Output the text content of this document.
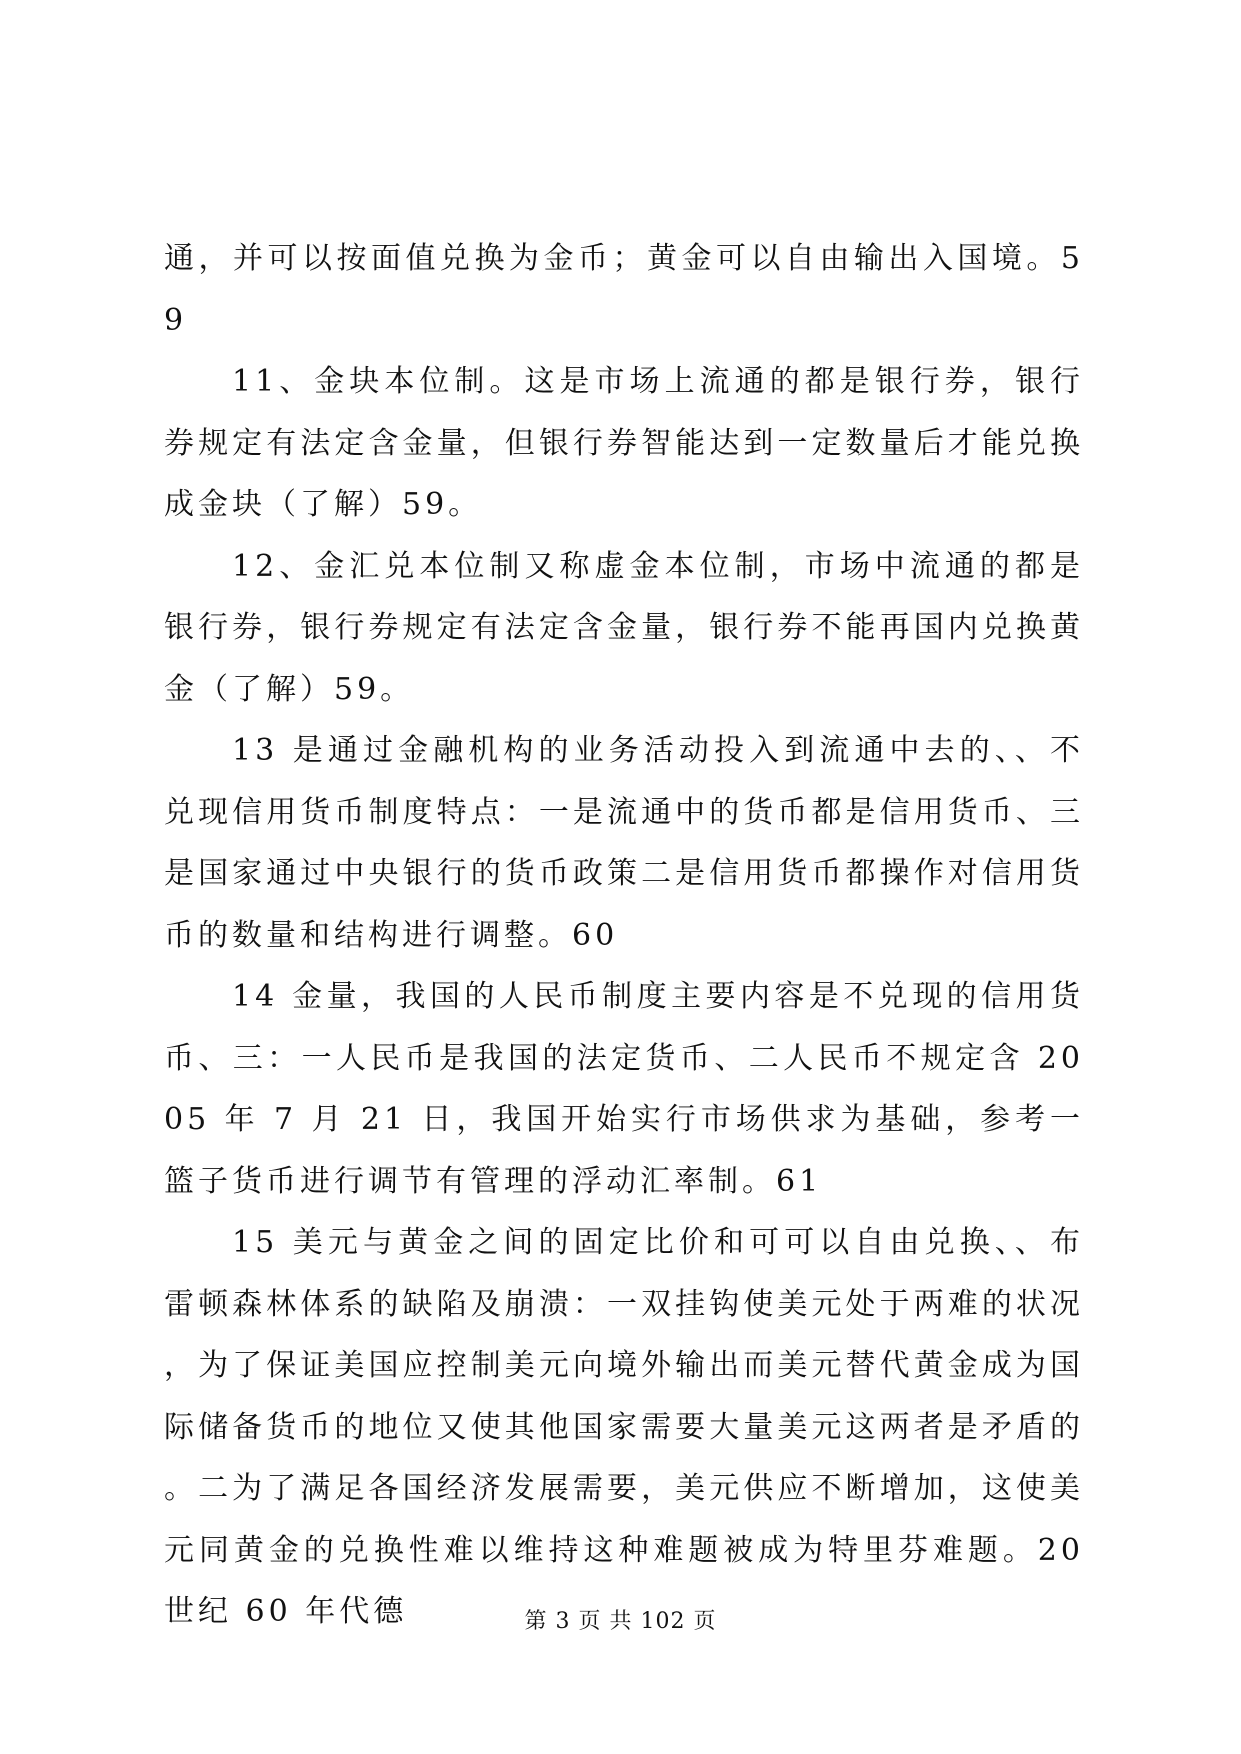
通，并可以按面值兑换为金币；黄金可以自由输出入国境。59

11、金块本位制。这是市场上流通的都是银行券，银行券规定有法定含金量，但银行券智能达到一定数量后才能兑换成金块（了解）59。

12、金汇兑本位制又称虚金本位制，市场中流通的都是银行券，银行券规定有法定含金量，银行券不能再国内兑换黄金（了解）59。

13 是通过金融机构的业务活动投入到流通中去的、、不兑现信用货币制度特点：一是流通中的货币都是信用货币、三是国家通过中央银行的货币政策二是信用货币都操作对信用货币的数量和结构进行调整。60

14 金量，我国的人民币制度主要内容是不兑现的信用货币、三：一人民币是我国的法定货币、二人民币不规定含 2005 年 7 月 21 日，我国开始实行市场供求为基础，参考一篮子货币进行调节有管理的浮动汇率制。61

15 美元与黄金之间的固定比价和可可以自由兑换、、布雷顿森林体系的缺陷及崩溃：一双挂钩使美元处于两难的状况，为了保证美国应控制美元向境外输出而美元替代黄金成为国际储备货币的地位又使其他国家需要大量美元这两者是矛盾的。二为了满足各国经济发展需要，美元供应不断增加，这使美元同黄金的兑换性难以维持这种难题被成为特里芬难题。20 世纪 60 年代德	第 3 页 共 102 页
